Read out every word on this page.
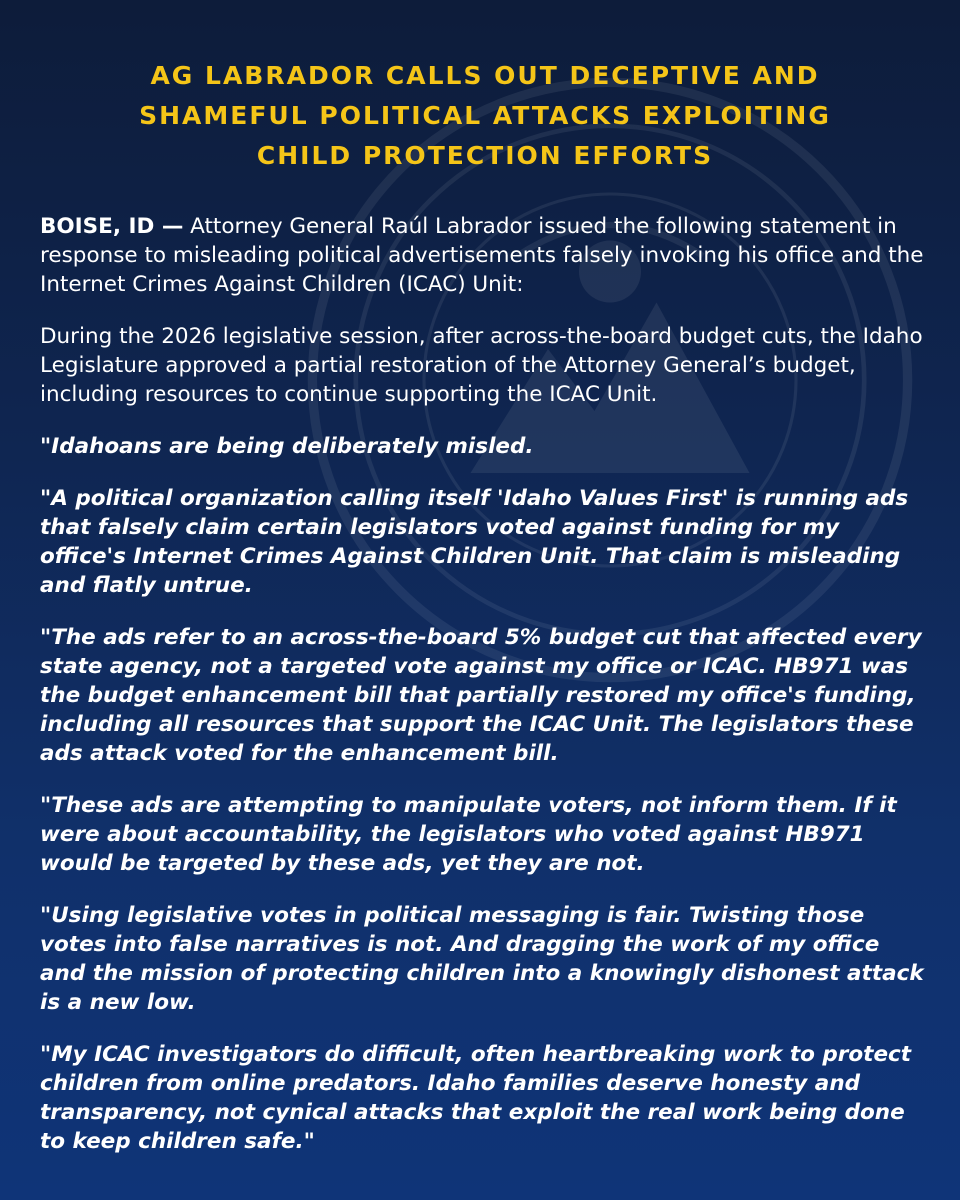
AG LABRADOR CALLS OUT DECEPTIVE AND
SHAMEFUL POLITICAL ATTACKS EXPLOITING
CHILD PROTECTION EFFORTS

BOISE, ID — Attorney General Raúl Labrador issued the following statement in response to misleading political advertisements falsely invoking his office and the Internet Crimes Against Children (ICAC) Unit:

During the 2026 legislative session, after across-the-board budget cuts, the Idaho Legislature approved a partial restoration of the Attorney General’s budget, including resources to continue supporting the ICAC Unit.

"Idahoans are being deliberately misled.

"A political organization calling itself 'Idaho Values First' is running ads that falsely claim certain legislators voted against funding for my office's Internet Crimes Against Children Unit. That claim is misleading and flatly untrue.

"The ads refer to an across-the-board 5% budget cut that affected every state agency, not a targeted vote against my office or ICAC. HB971 was the budget enhancement bill that partially restored my office's funding, including all resources that support the ICAC Unit. The legislators these ads attack voted for the enhancement bill.

"These ads are attempting to manipulate voters, not inform them. If it were about accountability, the legislators who voted against HB971 would be targeted by these ads, yet they are not.

"Using legislative votes in political messaging is fair. Twisting those votes into false narratives is not. And dragging the work of my office and the mission of protecting children into a knowingly dishonest attack is a new low.

"My ICAC investigators do difficult, often heartbreaking work to protect children from online predators. Idaho families deserve honesty and transparency, not cynical attacks that exploit the real work being done to keep children safe."
